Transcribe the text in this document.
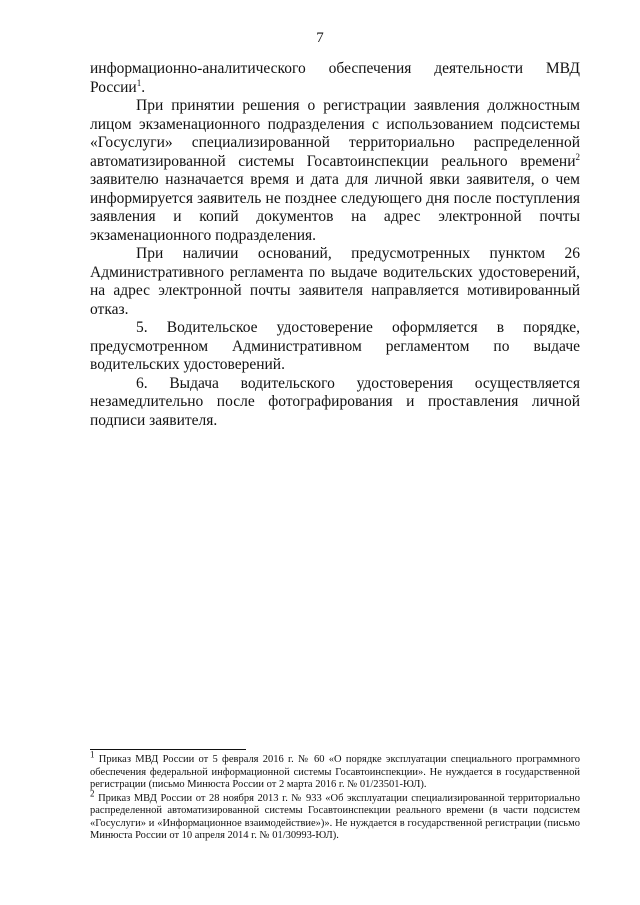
7

информационно-аналитического обеспечения деятельности МВД России$^1$.

При принятии решения о регистрации заявления должностным лицом экзаменационного подразделения с использованием подсистемы «Госуслуги» специализированной территориально распределенной автоматизированной системы Госавтоинспекции реального времени$^2$ заявителю назначается время и дата для личной явки заявителя, о чем информируется заявитель не позднее следующего дня после поступления заявления и копий документов на адрес электронной почты экзаменационного подразделения.

При наличии оснований, предусмотренных пунктом 26 Административного регламента по выдаче водительских удостоверений, на адрес электронной почты заявителя направляется мотивированный отказ.

5. Водительское удостоверение оформляется в порядке, предусмотренном Административном регламентом по выдаче водительских удостоверений.

6. Выдача водительского удостоверения осуществляется незамедлительно после фотографирования и проставления личной подписи заявителя.

$^1$ Приказ МВД России от 5 февраля 2016 г. № 60 «О порядке эксплуатации специального программного обеспечения федеральной информационной системы Госавтоинспекции». Не нуждается в государственной регистрации (письмо Минюста России от 2 марта 2016 г. № 01/23501-ЮЛ).

$^2$ Приказ МВД России от 28 ноября 2013 г. № 933 «Об эксплуатации специализированной территориально распределенной автоматизированной системы Госавтоинспекции реального времени (в части подсистем «Госуслуги» и «Информационное взаимодействие»)». Не нуждается в государственной регистрации (письмо Минюста России от 10 апреля 2014 г. № 01/30993-ЮЛ).
